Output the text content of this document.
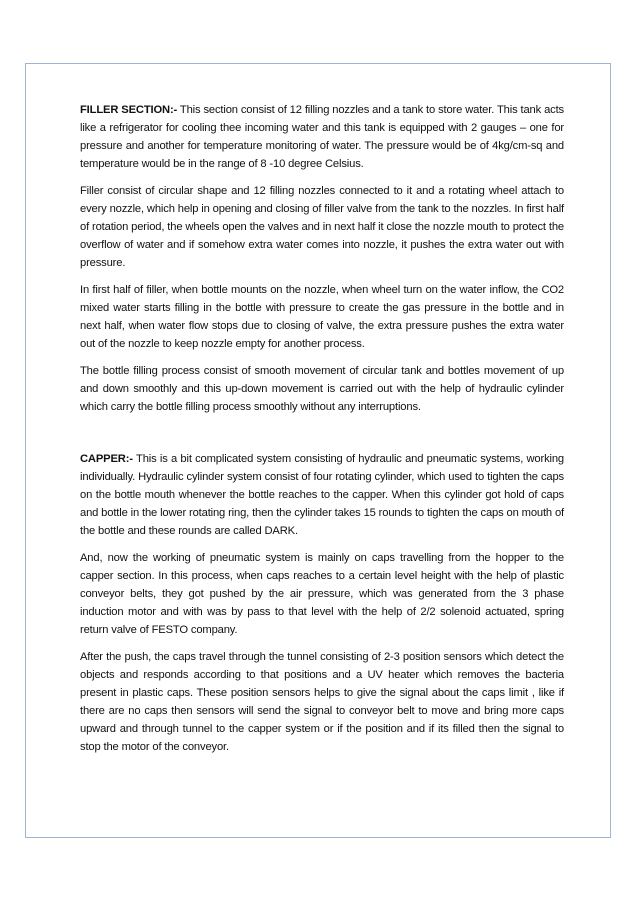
FILLER SECTION:- This section consist of 12 filling nozzles and a tank to store water. This tank acts like a refrigerator for cooling thee incoming water and this tank is equipped with 2 gauges – one for pressure and another for temperature monitoring of water. The pressure would be of 4kg/cm-sq and temperature would be in the range of 8 -10 degree Celsius.

Filler consist of circular shape and 12 filling nozzles connected to it and a rotating wheel attach to every nozzle, which help in opening and closing of filler valve from the tank to the nozzles. In first half of rotation period, the wheels open the valves and in next half it close the nozzle mouth to protect the overflow of water and if somehow extra water comes into nozzle, it pushes the extra water out with pressure.

In first half of filler, when bottle mounts on the nozzle, when wheel turn on the water inflow, the CO2 mixed water starts filling in the bottle with pressure to create the gas pressure in the bottle and in next half, when water flow stops due to closing of valve, the extra pressure pushes the extra water out of the nozzle to keep nozzle empty for another process.

The bottle filling process consist of smooth movement of circular tank and bottles movement of up and down smoothly and this up-down movement is carried out with the help of hydraulic cylinder which carry the bottle filling process smoothly without any interruptions.

CAPPER:- This is a bit complicated system consisting of hydraulic and pneumatic systems, working individually. Hydraulic cylinder system consist of four rotating cylinder, which used to tighten the caps on the bottle mouth whenever the bottle reaches to the capper. When this cylinder got hold of caps and bottle in the lower rotating ring, then the cylinder takes 15 rounds to tighten the caps on mouth of the bottle and these rounds are called DARK.

And, now the working of pneumatic system is mainly on caps travelling from the hopper to the capper section. In this process, when caps reaches to a certain level height with the help of plastic conveyor belts, they got pushed by the air pressure, which was generated from the 3 phase induction motor and with was by pass to that level with the help of 2/2 solenoid actuated, spring return valve of FESTO company.

After the push, the caps travel through the tunnel consisting of 2-3 position sensors which detect the objects and responds according to that positions and a UV heater which removes the bacteria present in plastic caps. These position sensors helps to give the signal about the caps limit , like if there are no caps then sensors will send the signal to conveyor belt to move and bring more caps upward and through tunnel to the capper system or if the position and if its filled then the signal to stop the motor of the conveyor.
